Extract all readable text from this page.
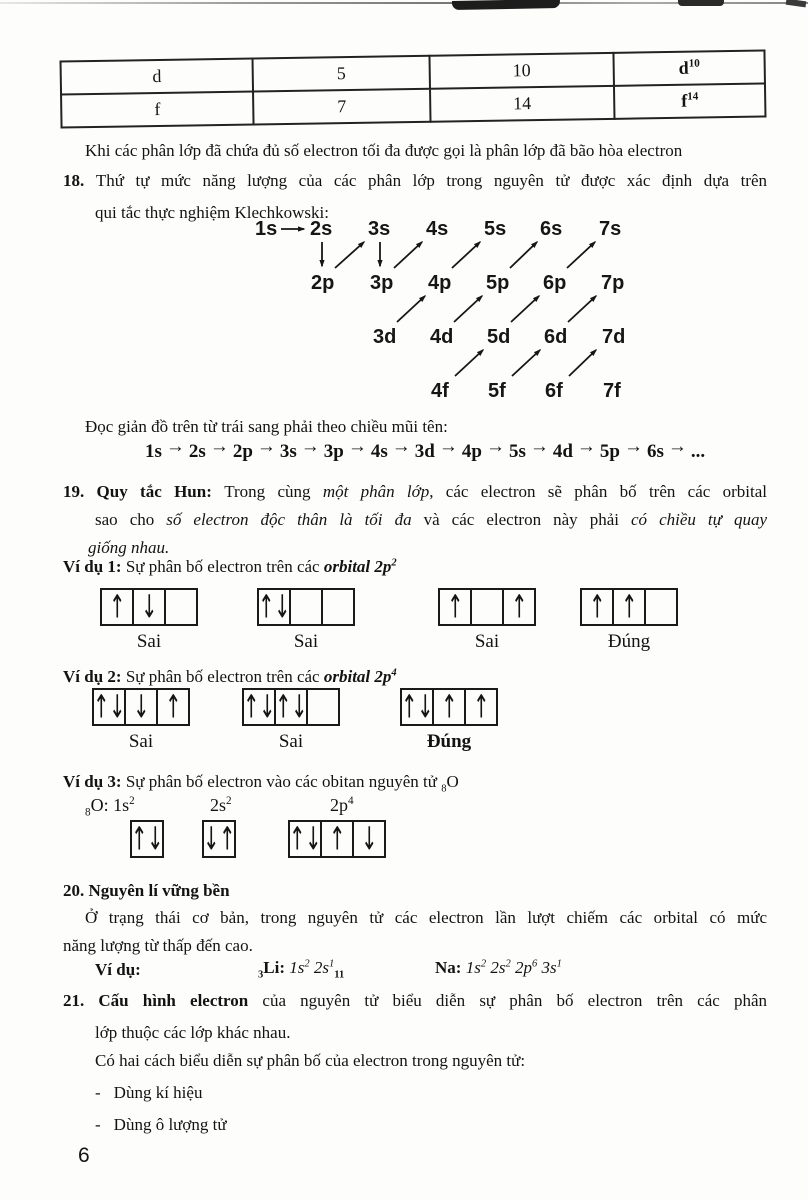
d	5	10	$d^{10}$
f	7	14	$f^{14}$
1s 2s 3s 4s 5s 6s 7s
2p 3p 4p 5p 6p 7p
3d 4d 5d 6d 7d
4f 5f 6f 7f
1s → 2s → 2p → 3s → 3p → 4s → 3d → 4p → 5s → 4d → 5p → 6s → ...
↑ ↓
Sai
↑ ↓
Sai
↑ ↑
Sai
↑ ↑
Đúng
↑ ↓ ↓ ↑
Sai
↑ ↓ ↑ ↓
Sai
↑ ↓ ↑ ↑
Đúng
$_8$O: $1s^2$	$2s^2$	$2p^4$
↑ ↓ ↓ ↑ ↑ ↓ ↑ ↓
Khi các phân lớp đã chứa đủ số electron tối đa được gọi là phân lớp đã bão hòa electron
18. Thứ tự mức năng lượng của các phân lớp trong nguyên tử được xác định dựa trên
qui tắc thực nghiệm Klechkowski:
Đọc giản đồ trên từ trái sang phải theo chiều mũi tên:
19. Quy tắc Hun: Trong cùng một phân lớp, các electron sẽ phân bố trên các orbital
sao cho số electron độc thân là tối đa và các electron này phải có chiều tự quay
giống nhau.
Ví dụ 1: Sự phân bố electron trên các orbital $2p^2$
Ví dụ 2: Sự phân bố electron trên các orbital $2p^4$
Ví dụ 3: Sự phân bố electron vào các obitan nguyên tử $_8$O
20. Nguyên lí vững bền
Ở trạng thái cơ bản, trong nguyên tử các electron lần lượt chiếm các orbital có mức
năng lượng từ thấp đến cao.
Ví dụ:	$_3$Li: $1s^2$ $2s^1_{11}$	Na: $1s^2$ $2s^2$ $2p^6$ $3s^1$
21. Cấu hình electron của nguyên tử biểu diễn sự phân bố electron trên các phân
lớp thuộc các lớp khác nhau.
Có hai cách biểu diễn sự phân bố của electron trong nguyên tử:
- Dùng kí hiệu
- Dùng ô lượng tử
6
